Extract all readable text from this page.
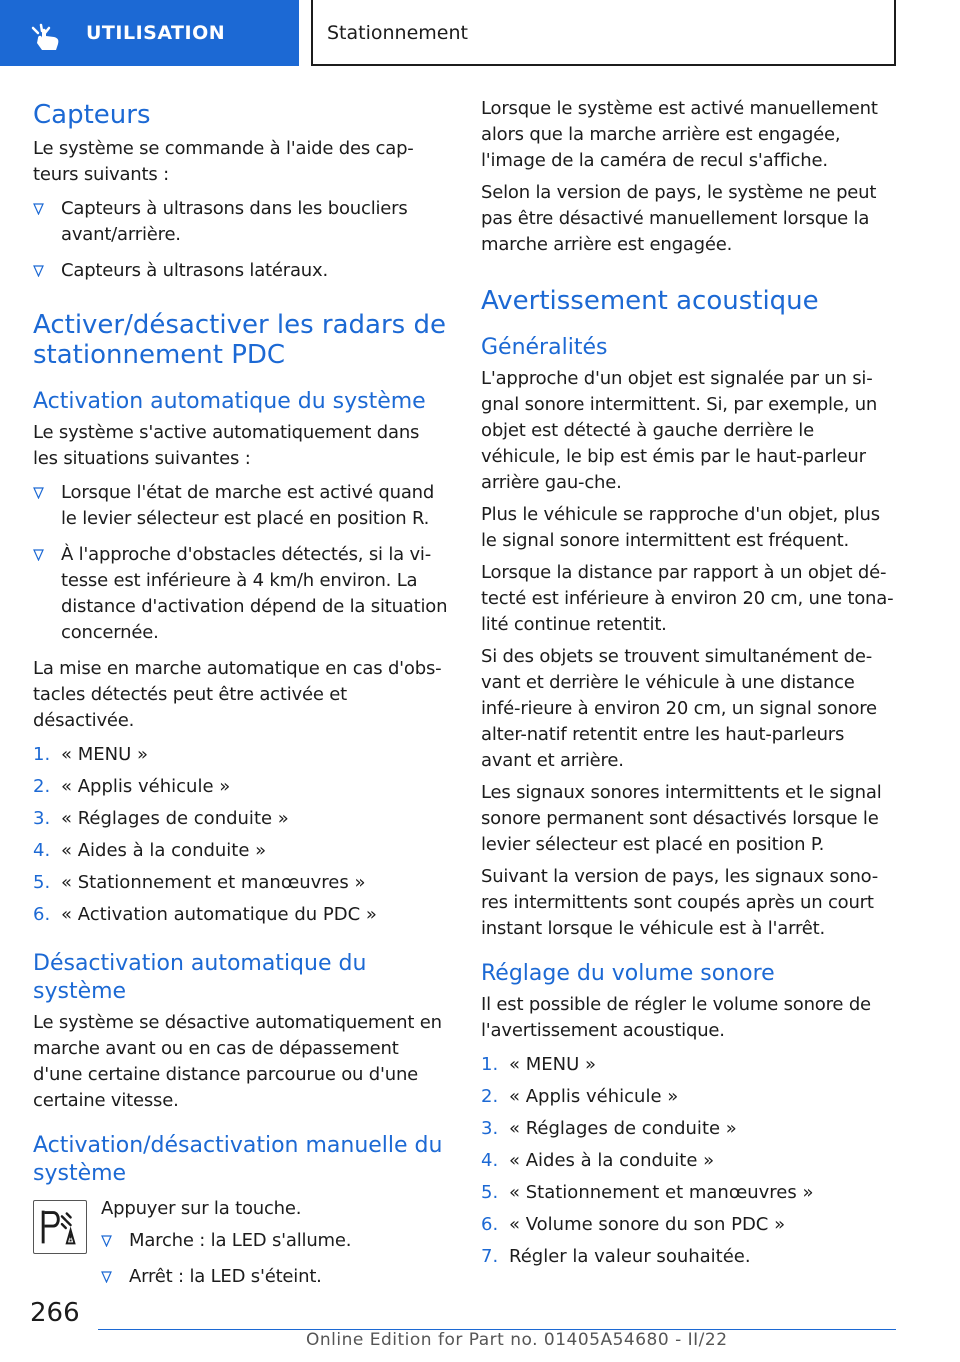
UTILISATION	Stationnement
Capteurs

Le système se commande à l'aide des cap-teurs suivants :

Capteurs à ultrasons dans les boucliers avant/arrière.
Capteurs à ultrasons latéraux.
Activer/désactiver les radars de stationnement PDC
Activation automatique du système

Le système s'active automatiquement dans les situations suivantes :

Lorsque l'état de marche est activé quand le levier sélecteur est placé en position R.
À l'approche d'obstacles détectés, si la vi-tesse est inférieure à 4 km/h environ. La distance d'activation dépend de la situation concernée.

La mise en marche automatique en cas d'obs-tacles détectés peut être activée et désactivée.

1. « MENU »
2. « Applis véhicule »
3. « Réglages de conduite »
4. « Aides à la conduite »
5. « Stationnement et manœuvres »
6. « Activation automatique du PDC »
Désactivation automatique du système

Le système se désactive automatiquement en marche avant ou en cas de dépassement d'une certaine distance parcourue ou d'une certaine vitesse.

Activation/désactivation manuelle du système

Appuyer sur la touche.

Marche : la LED s'allume.
Arrêt : la LED s'éteint.

Lorsque le système est activé manuellement alors que la marche arrière est engagée, l'image de la caméra de recul s'affiche.

Selon la version de pays, le système ne peut pas être désactivé manuellement lorsque la marche arrière est engagée.

Avertissement acoustique
Généralités

L'approche d'un objet est signalée par un si-gnal sonore intermittent. Si, par exemple, un objet est détecté à gauche derrière le véhicule, le bip est émis par le haut-parleur arrière gau-che.

Plus le véhicule se rapproche d'un objet, plus le signal sonore intermittent est fréquent.

Lorsque la distance par rapport à un objet dé-tecté est inférieure à environ 20 cm, une tona-lité continue retentit.

Si des objets se trouvent simultanément de-vant et derrière le véhicule à une distance infé-rieure à environ 20 cm, un signal sonore alter-natif retentit entre les haut-parleurs avant et arrière.

Les signaux sonores intermittents et le signal sonore permanent sont désactivés lorsque le levier sélecteur est placé en position P.

Suivant la version de pays, les signaux sono-res intermittents sont coupés après un court instant lorsque le véhicule est à l'arrêt.

Réglage du volume sonore

Il est possible de régler le volume sonore de l'avertissement acoustique.

1. « MENU »
2. « Applis véhicule »
3. « Réglages de conduite »
4. « Aides à la conduite »
5. « Stationnement et manœuvres »
6. « Volume sonore du son PDC »
7. Régler la valeur souhaitée.
266
Online Edition for Part no. 01405A54680 - II/22
